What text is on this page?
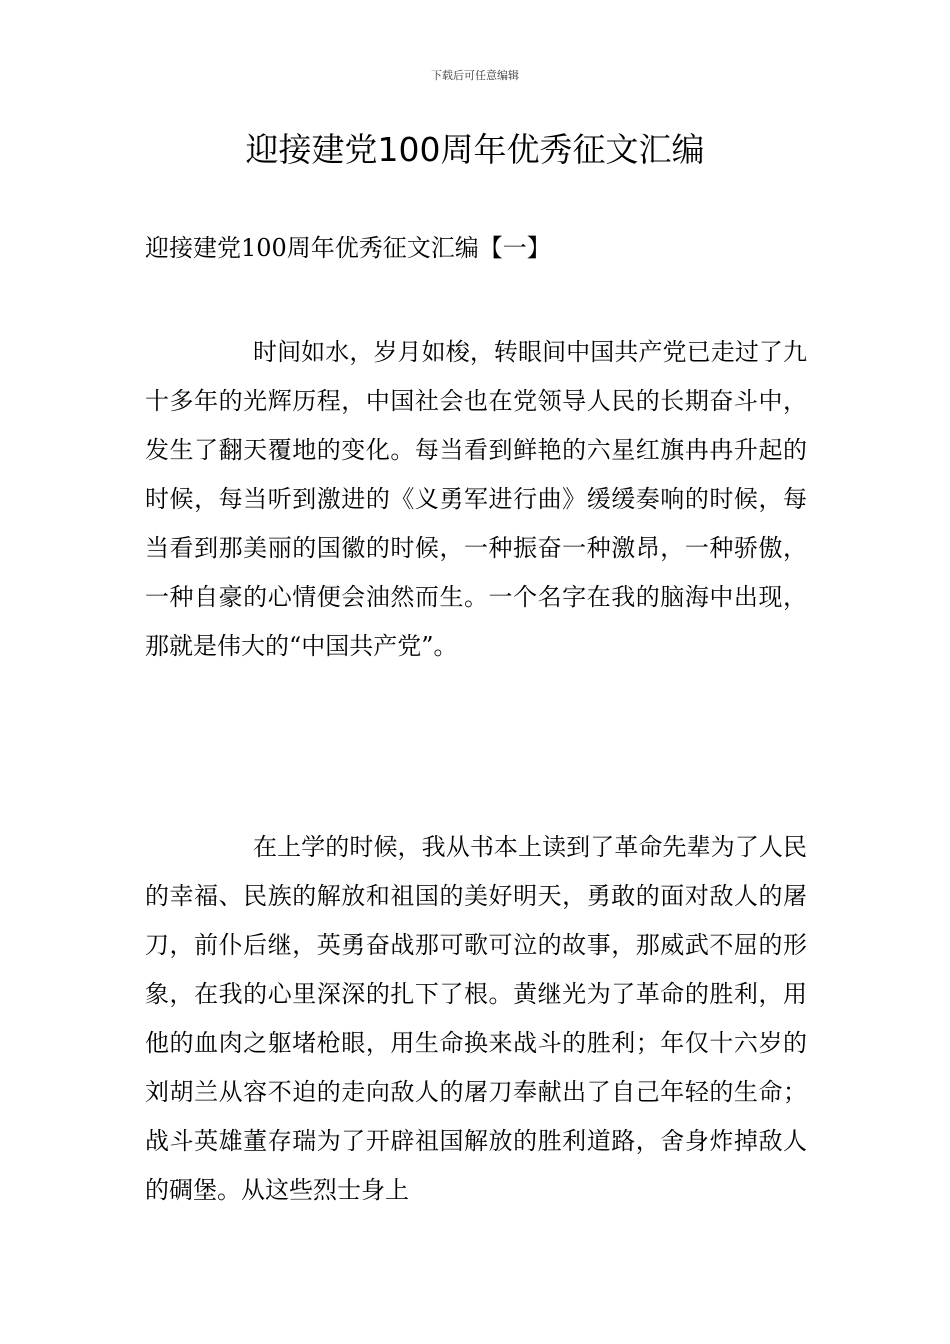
下载后可任意编辑
迎接建党100周年优秀征文汇编
迎接建党100周年优秀征文汇编【一】

时间如水，岁月如梭，转眼间中国共产党已走过了九十多年的光辉历程，中国社会也在党领导人民的长期奋斗中，发生了翻天覆地的变化。每当看到鲜艳的六星红旗冉冉升起的时候，每当听到激进的《义勇军进行曲》缓缓奏响的时候，每当看到那美丽的国徽的时候，一种振奋一种激昂，一种骄傲，一种自豪的心情便会油然而生。一个名字在我的脑海中出现，那就是伟大的“中国共产党”。

在上学的时候，我从书本上读到了革命先辈为了人民的幸福、民族的解放和祖国的美好明天，勇敢的面对敌人的屠刀，前仆后继，英勇奋战那可歌可泣的故事，那威武不屈的形象，在我的心里深深的扎下了根。黄继光为了革命的胜利，用他的血肉之躯堵枪眼，用生命换来战斗的胜利；年仅十六岁的刘胡兰从容不迫的走向敌人的屠刀奉献出了自己年轻的生命；战斗英雄董存瑞为了开辟祖国解放的胜利道路，舍身炸掉敌人的碉堡。从这些烈士身上
